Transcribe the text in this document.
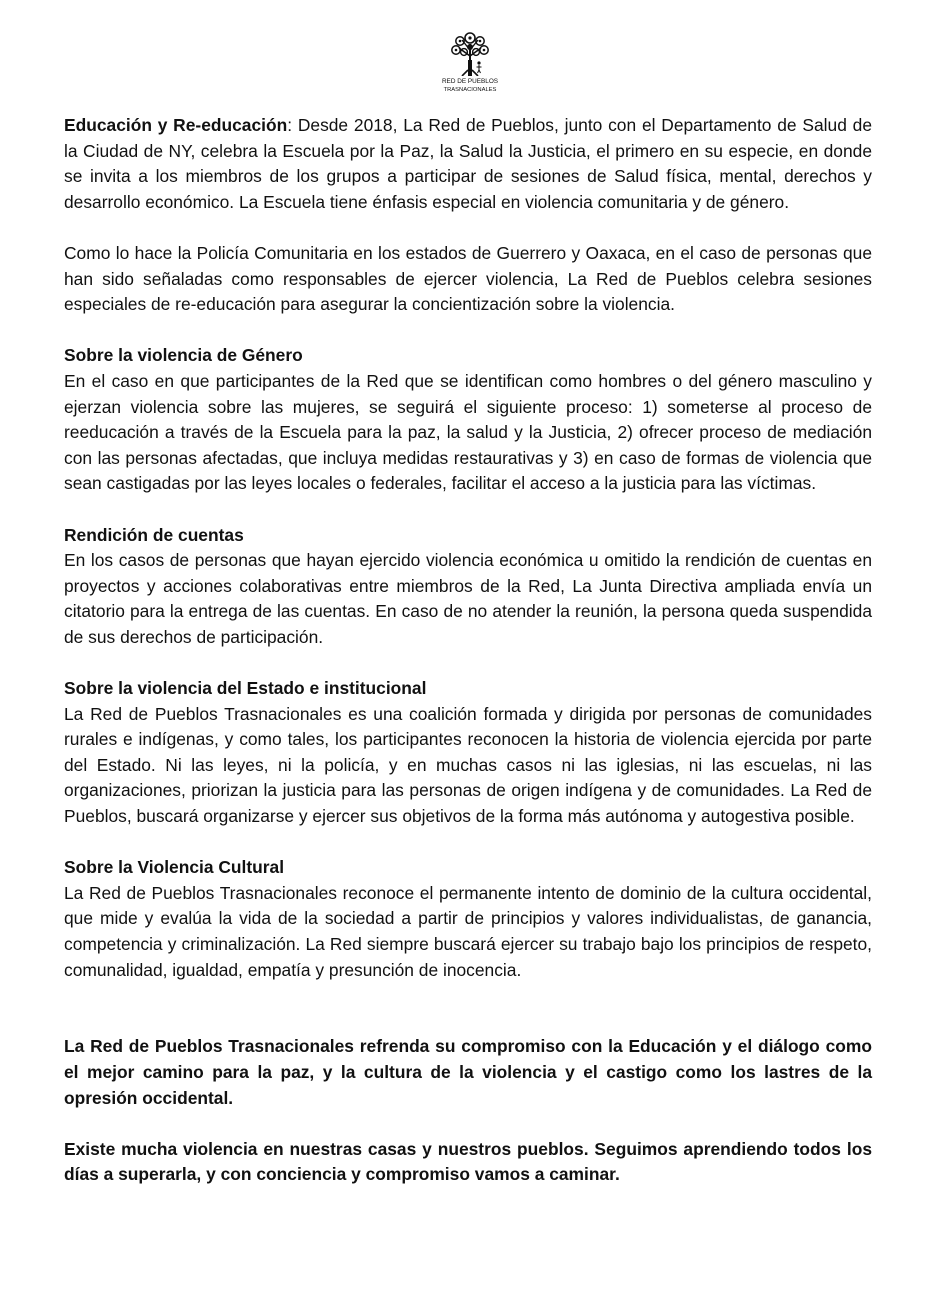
RED DE PUEBLOS
TRASNACIONALES

Educación y Re-educación: Desde 2018, La Red de Pueblos, junto con el Departamento de Salud de la Ciudad de NY, celebra la Escuela por la Paz, la Salud la Justicia, el primero en su especie, en donde se invita a los miembros de los grupos a participar de sesiones de Salud física, mental, derechos y desarrollo económico. La Escuela tiene énfasis especial en violencia comunitaria y de género.

Como lo hace la Policía Comunitaria en los estados de Guerrero y Oaxaca, en el caso de personas que han sido señaladas como responsables de ejercer violencia, La Red de Pueblos celebra sesiones especiales de re-educación para asegurar la concientización sobre la violencia.

Sobre la violencia de Género

En el caso en que participantes de la Red que se identifican como hombres o del género masculino y ejerzan violencia sobre las mujeres, se seguirá el siguiente proceso: 1) someterse al proceso de reeducación a través de la Escuela para la paz, la salud y la Justicia, 2) ofrecer proceso de mediación con las personas afectadas, que incluya medidas restaurativas y 3) en caso de formas de violencia que sean castigadas por las leyes locales o federales, facilitar el acceso a la justicia para las víctimas.

Rendición de cuentas

En los casos de personas que hayan ejercido violencia económica u omitido la rendición de cuentas en proyectos y acciones colaborativas entre miembros de la Red, La Junta Directiva ampliada envía un citatorio para la entrega de las cuentas. En caso de no atender la reunión, la persona queda suspendida de sus derechos de participación.

Sobre la violencia del Estado e institucional

La Red de Pueblos Trasnacionales es una coalición formada y dirigida por personas de comunidades rurales e indígenas, y como tales, los participantes reconocen la historia de violencia ejercida por parte del Estado. Ni las leyes, ni la policía, y en muchas casos ni las iglesias, ni las escuelas, ni las organizaciones, priorizan la justicia para las personas de origen indígena y de comunidades. La Red de Pueblos, buscará organizarse y ejercer sus objetivos de la forma más autónoma y autogestiva posible.

Sobre la Violencia Cultural

La Red de Pueblos Trasnacionales reconoce el permanente intento de dominio de la cultura occidental, que mide y evalúa la vida de la sociedad a partir de principios y valores individualistas, de ganancia, competencia y criminalización. La Red siempre buscará ejercer su trabajo bajo los principios de respeto, comunalidad, igualdad, empatía y presunción de inocencia.

La Red de Pueblos Trasnacionales refrenda su compromiso con la Educación y el diálogo como el mejor camino para la paz, y la cultura de la violencia y el castigo como los lastres de la opresión occidental.

Existe mucha violencia en nuestras casas y nuestros pueblos. Seguimos aprendiendo todos los días a superarla, y con conciencia y compromiso vamos a caminar.
